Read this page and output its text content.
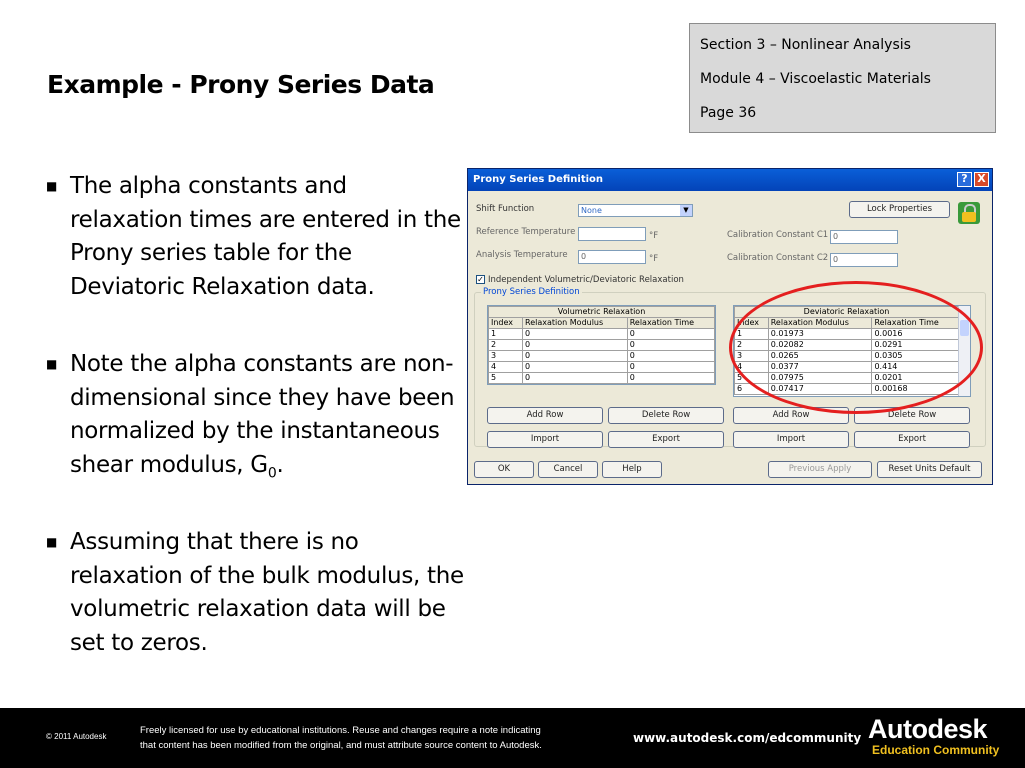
Section 3 – Nonlinear Analysis
Module 4 – Viscoelastic Materials
Page 36
Example - Prony Series Data
■ The alpha constants and relaxation times are entered in the Prony series table for the Deviatoric Relaxation data.
■ Note the alpha constants are non-dimensional since they have been normalized by the instantaneous shear modulus, $G_0$.
■ Assuming that there is no relaxation of the bulk modulus, the volumetric relaxation data will be set to zeros.
Prony Series Definition	? X
Shift Function	None	▼	Lock Properties
Reference Temperature	°F
Analysis Temperature	0	°F
Calibration Constant C1 0
Calibration Constant C2 0
✓ Independent Volumetric/Deviatoric Relaxation
Prony Series Definition
Volumetric Relaxation		
Index	Relaxation Modulus	Relaxation Time
1	0	0
2	0	0
3	0	0
4	0	0
5	0	0
Deviatoric Relaxation		
Index	Relaxation Modulus	Relaxation Time
1	0.01973	0.0016
2	0.02082	0.0291
3	0.0265	0.0305
4	0.0377	0.414
5	0.07975	0.0201
6	0.07417	0.00168
Add Row	Delete Row	Add Row	Delete Row
Import	Export	Import	Export
OK	Cancel	Help	Previous Apply	Reset Units Default
© 2011 Autodesk
Freely licensed for use by educational institutions. Reuse and changes require a note indicating
that content has been modified from the original, and must attribute source content to Autodesk.
www.autodesk.com/edcommunity Autodesk
Education Community
